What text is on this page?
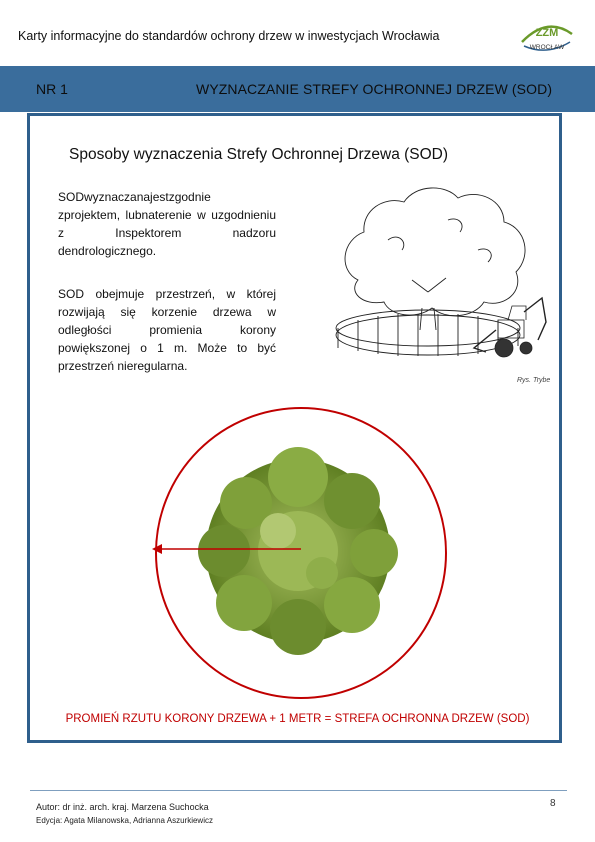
Karty informacyjne do standardów ochrony drzew w inwestycjach Wrocławia	ZZM
WROCŁAW
NR 1	WYZNACZANIE STREFY OCHRONNEJ DRZEW (SOD)
Sposoby wyznaczenia Strefy Ochronnej Drzewa (SOD)
SODwyznaczanajestzgodnie zprojektem, lubnaterenie w uzgodnieniu z Inspektorem nadzoru dendrologicznego.
SOD obejmuje przestrzeń, w której rozwijają się korzenie drzewa w odległości promienia korony powiększonej o 1 m. Może to być przestrzeń nieregularna.
Rys. Trybe
PROMIEŃ RZUTU KORONY DRZEWA + 1 METR = STREFA OCHRONNA DRZEW (SOD)
8
Autor: dr inż. arch. kraj. Marzena Suchocka
Edycja: Agata Milanowska, Adrianna Aszurkiewicz
